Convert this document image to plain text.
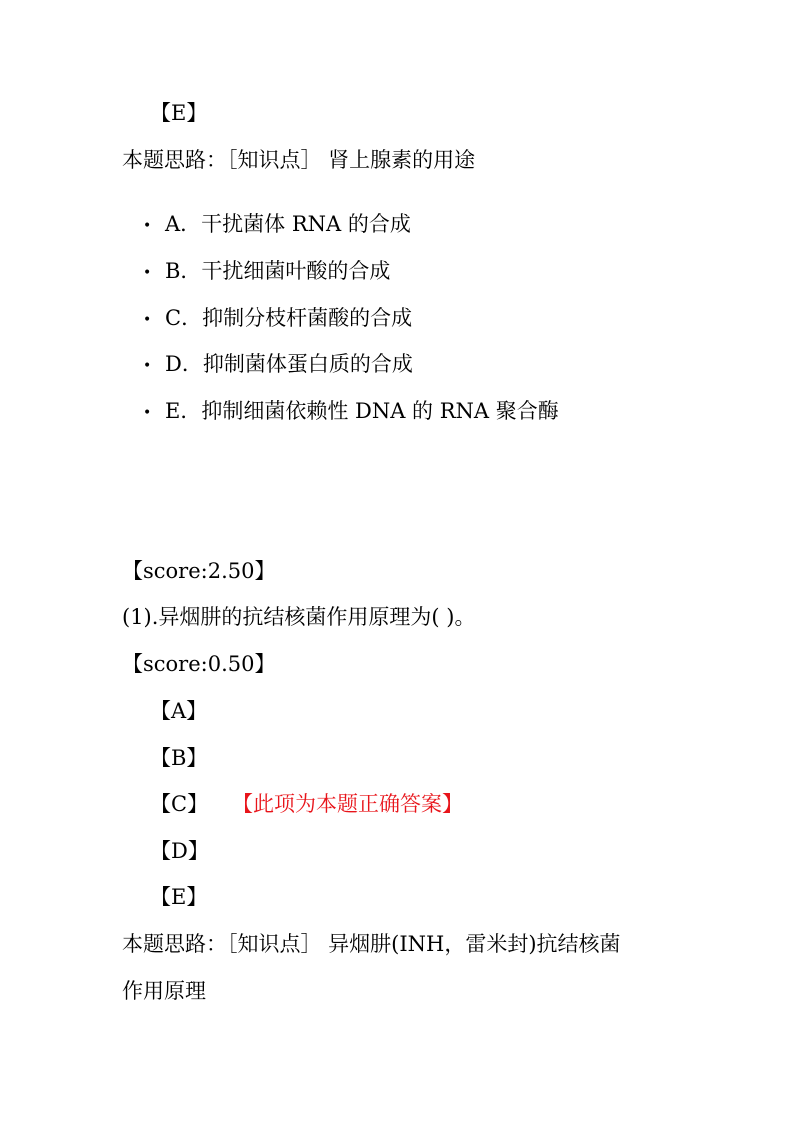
【E】
本题思路：［知识点］ 肾上腺素的用途
• A．干扰菌体 RNA 的合成
• B．干扰细菌叶酸的合成
• C．抑制分枝杆菌酸的合成
• D．抑制菌体蛋白质的合成
• E．抑制细菌依赖性 DNA 的 RNA 聚合酶
【score:2.50】
(1).异烟肼的抗结核菌作用原理为( )。
【score:0.50】
【A】
【B】
【C】 【此项为本题正确答案】
【D】
【E】
本题思路：［知识点］ 异烟肼(INH，雷米封)抗结核菌
作用原理
